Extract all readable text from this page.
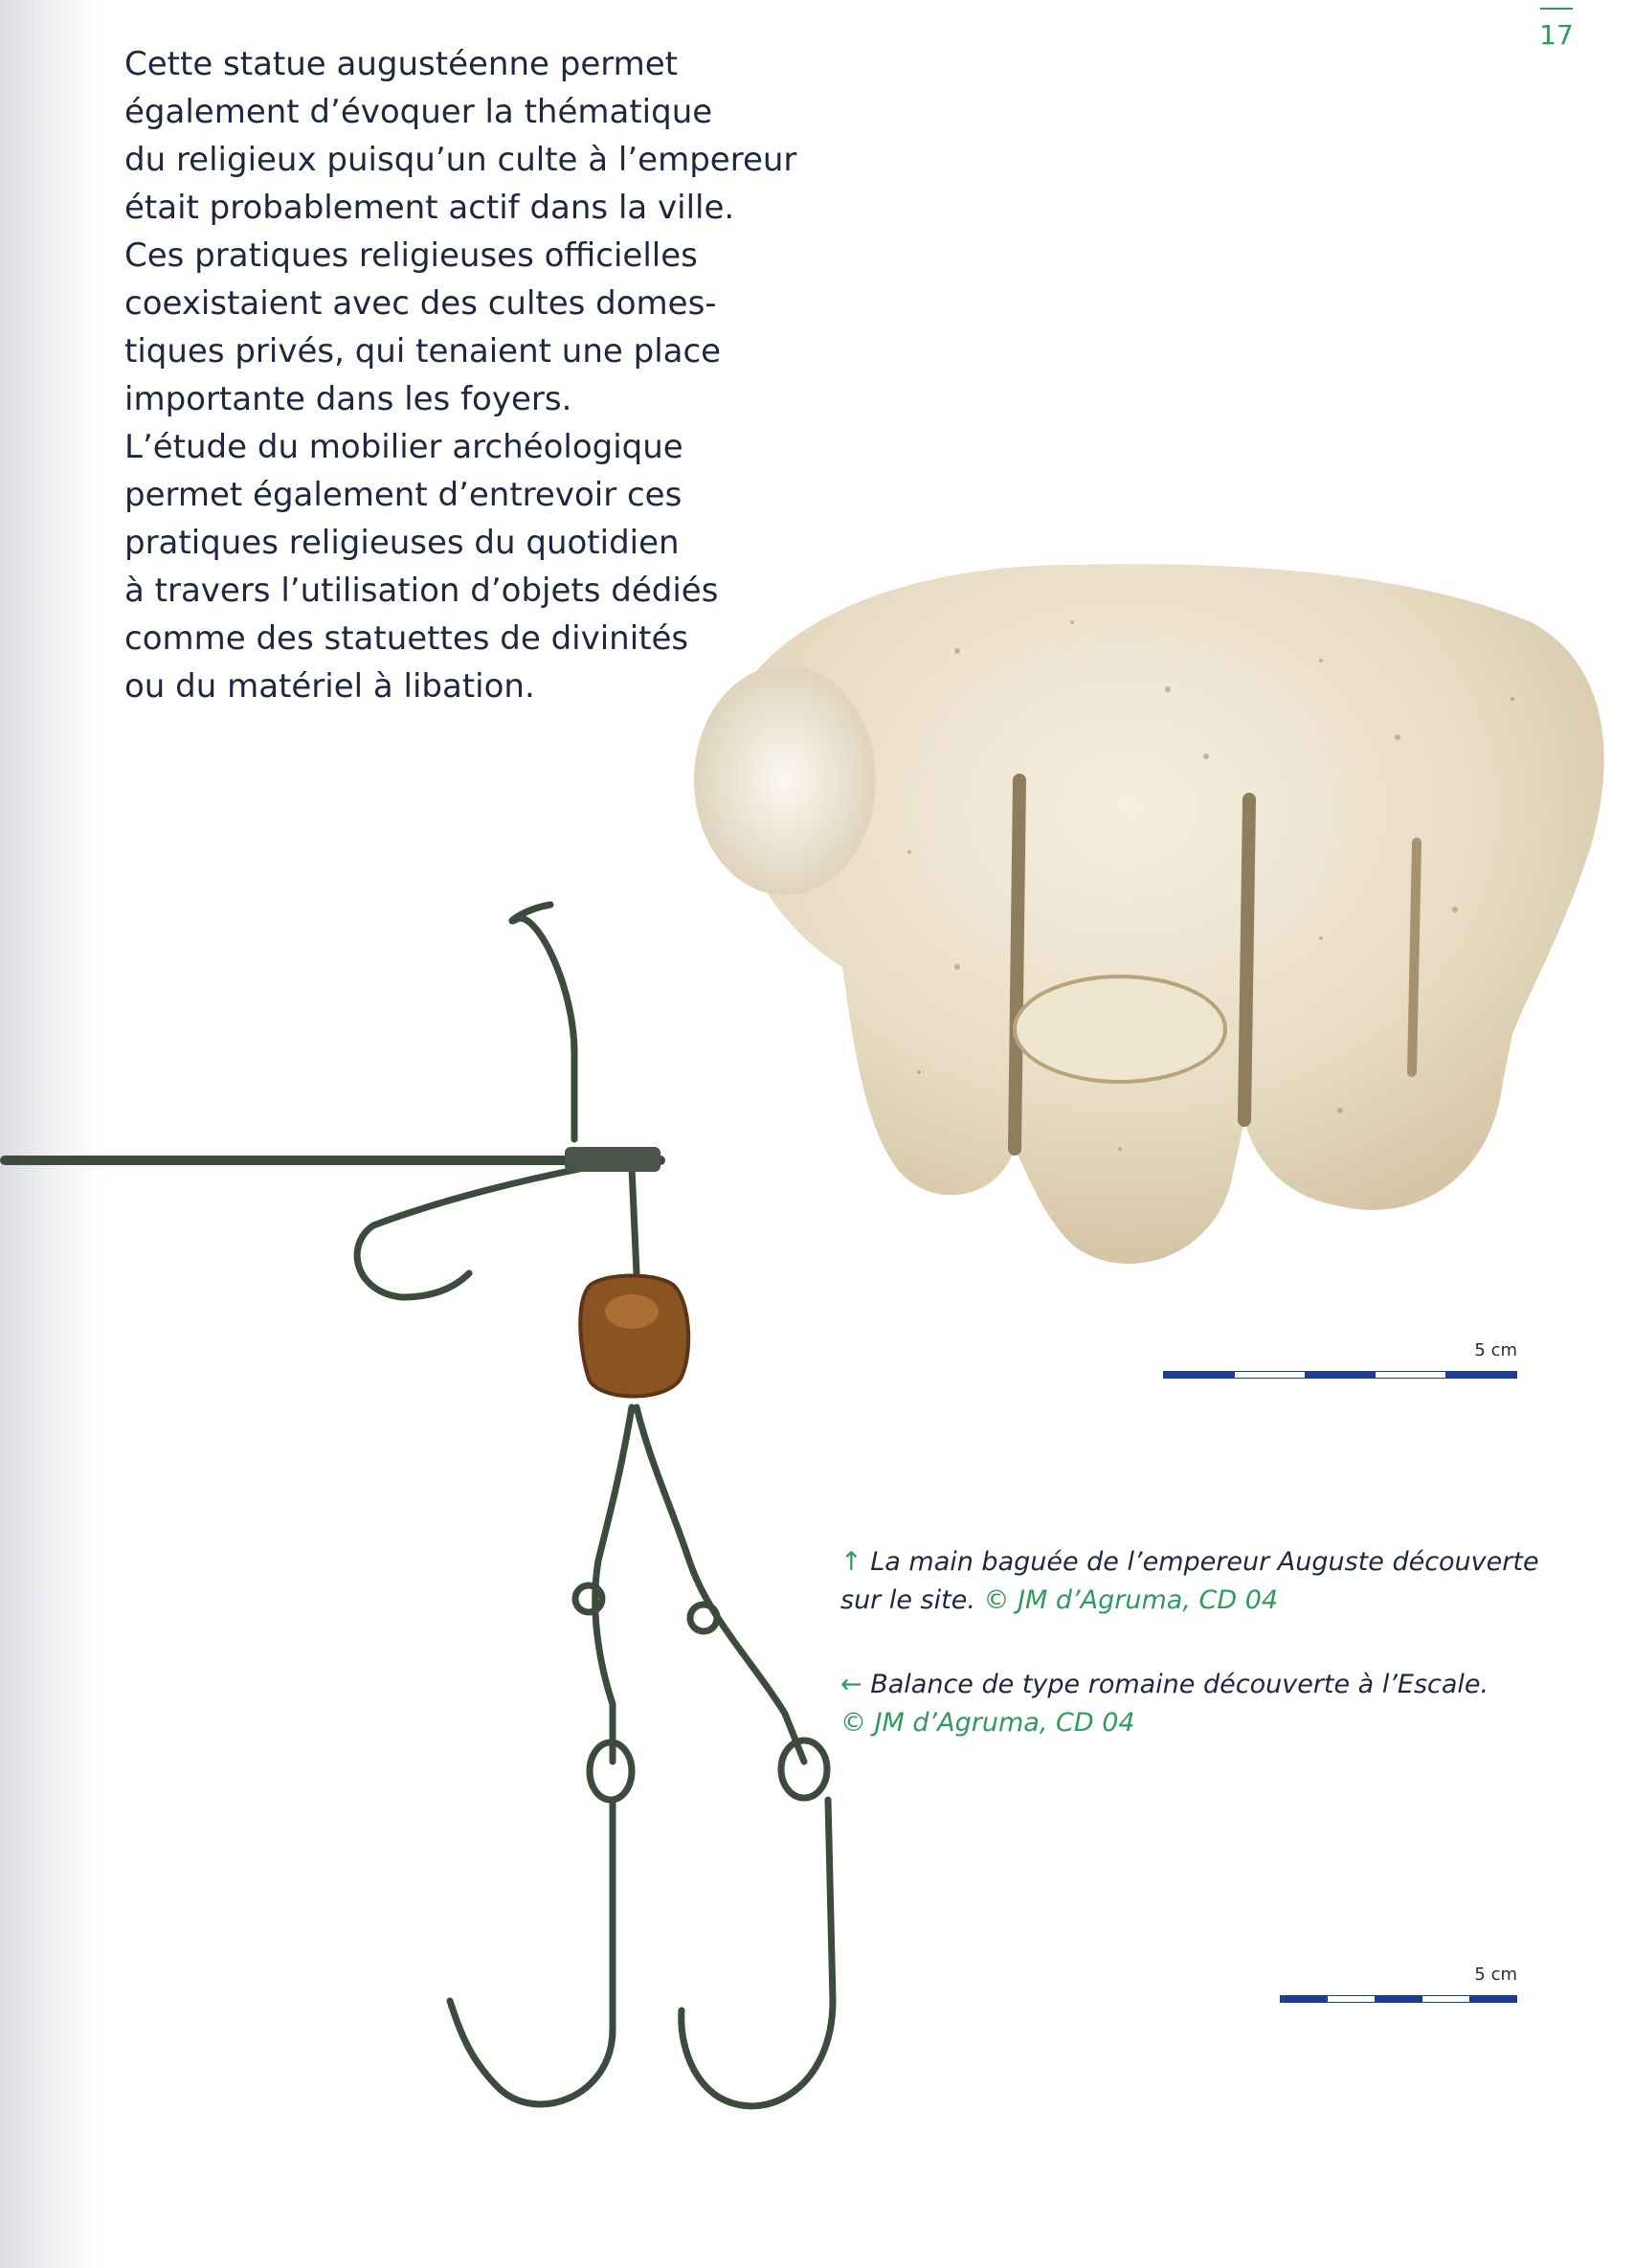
17

Cette statue augustéenne permet
également d’évoquer la thématique
du religieux puisqu’un culte à l’empereur
était probablement actif dans la ville.
Ces pratiques religieuses officielles
coexistaient avec des cultes domes-
tiques privés, qui tenaient une place
importante dans les foyers.
L’étude du mobilier archéologique
permet également d’entrevoir ces
pratiques religieuses du quotidien
à travers l’utilisation d’objets dédiés
comme des statuettes de divinités
ou du matériel à libation.

5 cm
5 cm

↑ La main baguée de l’empereur Auguste découverte
sur le site. © JM d’Agruma, CD 04

← Balance de type romaine découverte à l’Escale.
© JM d’Agruma, CD 04
